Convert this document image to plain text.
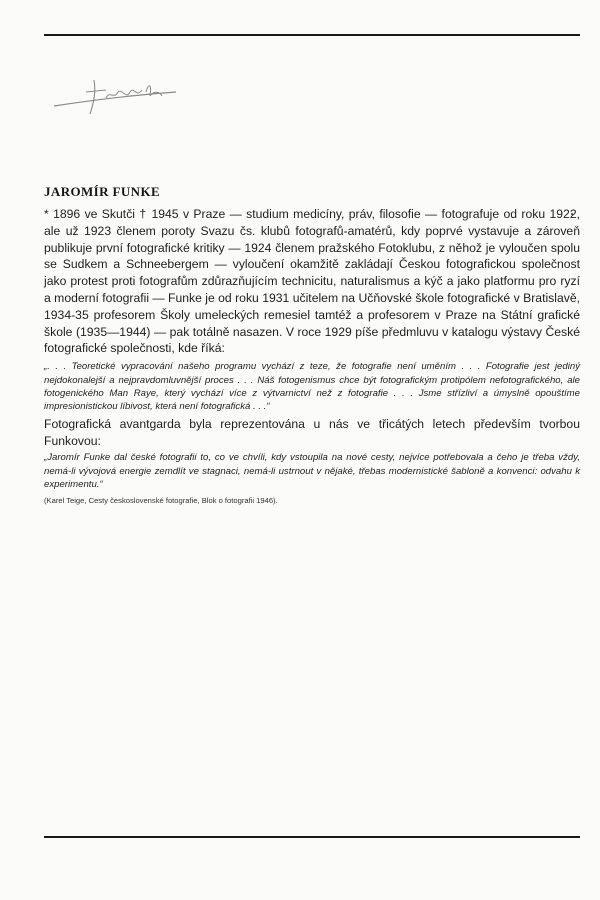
JAROMÍR FUNKE

* 1896 ve Skutči † 1945 v Praze — studium medicíny, práv, filosofie — fotografuje od roku 1922, ale už 1923 členem poroty Svazu čs. klubů fotografů-amatérů, kdy poprvé vystavuje a zároveň publikuje první fotografické kritiky — 1924 členem pražského Fotoklubu, z něhož je vyloučen spolu se Sudkem a Schneebergem — vyloučení okamžitě zakládají Českou fotografickou společnost jako protest proti fotografům zdůrazňujícím technicitu, naturalismus a kýč a jako platformu pro ryzí a moderní fotografii — Funke je od roku 1931 učitelem na Učňovské škole fotografické v Bratislavě, 1934-35 profesorem Školy umeleckých remesiel tamtéž a profesorem v Praze na Státní grafické škole (1935—1944) — pak totálně nasazen. V roce 1929 píše předmluvu v katalogu výstavy České fotografické společnosti, kde říká:

„. . . Teoretické vypracování našeho programu vychází z teze, že fotografie není uměním . . . Fotografie jest jediný nejdokonalejší a nejpravdomluvnější proces . . . Náš fotogenismus chce být fotografickým protipólem nefotografického, ale fotogenického Man Raye, který vychází více z výtvarnictví než z fotografie . . . Jsme střízliví a úmyslně opouštíme impresionistickou líbivost, která není fotografická . . .“

Fotografická avantgarda byla reprezentována u nás ve třicátých letech především tvorbou Funkovou:

„Jaromír Funke dal české fotografii to, co ve chvíli, kdy vstoupila na nové cesty, nejvíce potřebovala a čeho je třeba vždy, nemá-li vývojová energie zemdlít ve stagnaci, nemá-li ustrnout v nějaké, třebas modernistické šabloně a konvenci: odvahu k experimentu.“

(Karel Teige, Cesty československé fotografie, Blok o fotografii 1946).
